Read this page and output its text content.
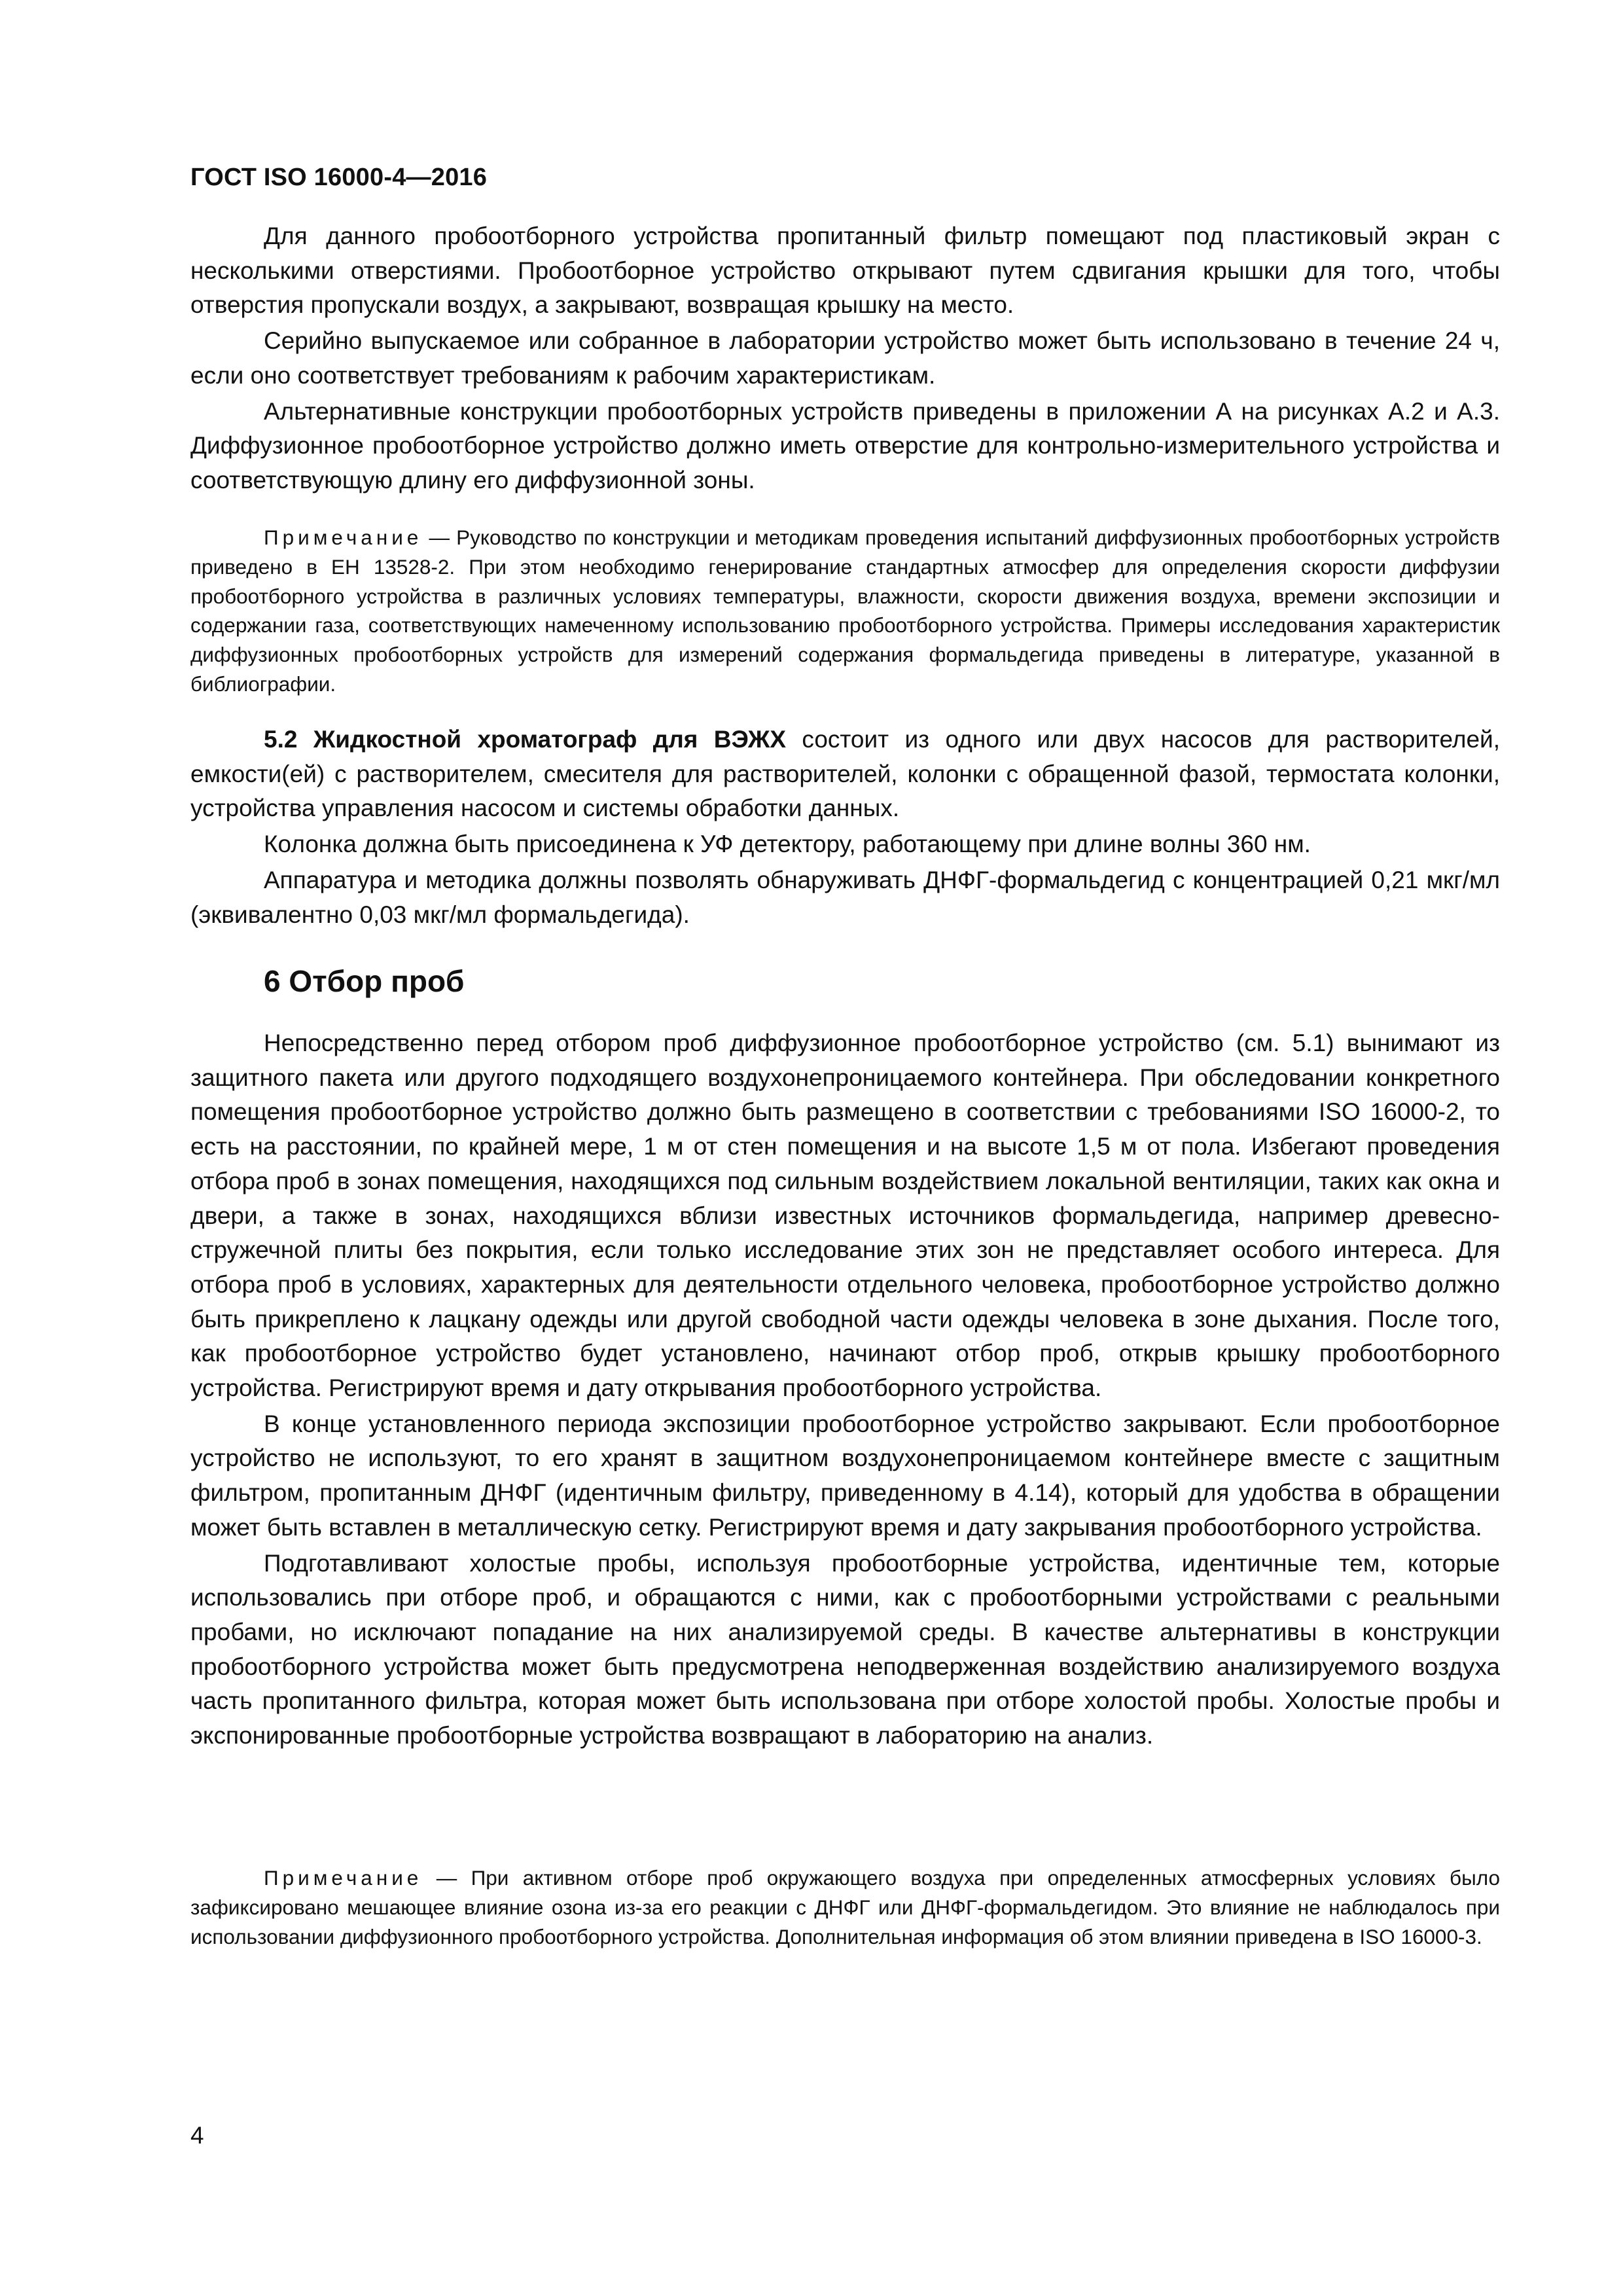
ГОСТ ISO 16000-4—2016

Для данного пробоотборного устройства пропитанный фильтр помещают под пластиковый экран с несколькими отверстиями. Пробоотборное устройство открывают путем сдвигания крышки для того, чтобы отверстия пропускали воздух, а закрывают, возвращая крышку на место.

Серийно выпускаемое или собранное в лаборатории устройство может быть использовано в течение 24 ч, если оно соответствует требованиям к рабочим характеристикам.

Альтернативные конструкции пробоотборных устройств приведены в приложении А на рисунках А.2 и А.3. Диффузионное пробоотборное устройство должно иметь отверстие для контрольно-измерительного устройства и соответствующую длину его диффузионной зоны.

Примечание — Руководство по конструкции и методикам проведения испытаний диффузионных пробоотборных устройств приведено в ЕН 13528-2. При этом необходимо генерирование стандартных атмосфер для определения скорости диффузии пробоотборного устройства в различных условиях температуры, влажности, скорости движения воздуха, времени экспозиции и содержании газа, соответствующих намеченному использованию пробоотборного устройства. Примеры исследования характеристик диффузионных пробоотборных устройств для измерений содержания формальдегида приведены в литературе, указанной в библиографии.

5.2 Жидкостной хроматограф для ВЭЖХ состоит из одного или двух насосов для растворителей, емкости(ей) с растворителем, смесителя для растворителей, колонки с обращенной фазой, термостата колонки, устройства управления насосом и системы обработки данных.

Колонка должна быть присоединена к УФ детектору, работающему при длине волны 360 нм.

Аппаратура и методика должны позволять обнаруживать ДНФГ-формальдегид с концентрацией 0,21 мкг/мл (эквивалентно 0,03 мкг/мл формальдегида).

6 Отбор проб

Непосредственно перед отбором проб диффузионное пробоотборное устройство (см. 5.1) вынимают из защитного пакета или другого подходящего воздухонепроницаемого контейнера. При обследовании конкретного помещения пробоотборное устройство должно быть размещено в соответствии с требованиями ISO 16000-2, то есть на расстоянии, по крайней мере, 1 м от стен помещения и на высоте 1,5 м от пола. Избегают проведения отбора проб в зонах помещения, находящихся под сильным воздействием локальной вентиляции, таких как окна и двери, а также в зонах, находящихся вблизи известных источников формальдегида, например древесно-стружечной плиты без покрытия, если только исследование этих зон не представляет особого интереса. Для отбора проб в условиях, характерных для деятельности отдельного человека, пробоотборное устройство должно быть прикреплено к лацкану одежды или другой свободной части одежды человека в зоне дыхания. После того, как пробоотборное устройство будет установлено, начинают отбор проб, открыв крышку пробоотборного устройства. Регистрируют время и дату открывания пробоотборного устройства.

В конце установленного периода экспозиции пробоотборное устройство закрывают. Если пробоотборное устройство не используют, то его хранят в защитном воздухонепроницаемом контейнере вместе с защитным фильтром, пропитанным ДНФГ (идентичным фильтру, приведенному в 4.14), который для удобства в обращении может быть вставлен в металлическую сетку. Регистрируют время и дату закрывания пробоотборного устройства.

Подготавливают холостые пробы, используя пробоотборные устройства, идентичные тем, которые использовались при отборе проб, и обращаются с ними, как с пробоотборными устройствами с реальными пробами, но исключают попадание на них анализируемой среды. В качестве альтернативы в конструкции пробоотборного устройства может быть предусмотрена неподверженная воздействию анализируемого воздуха часть пропитанного фильтра, которая может быть использована при отборе холостой пробы. Холостые пробы и экспонированные пробоотборные устройства возвращают в лабораторию на анализ.

Примечание — При активном отборе проб окружающего воздуха при определенных атмосферных условиях было зафиксировано мешающее влияние озона из-за его реакции с ДНФГ или ДНФГ-формальдегидом. Это влияние не наблюдалось при использовании диффузионного пробоотборного устройства. Дополнительная информация об этом влиянии приведена в ISO 16000-3.

4
